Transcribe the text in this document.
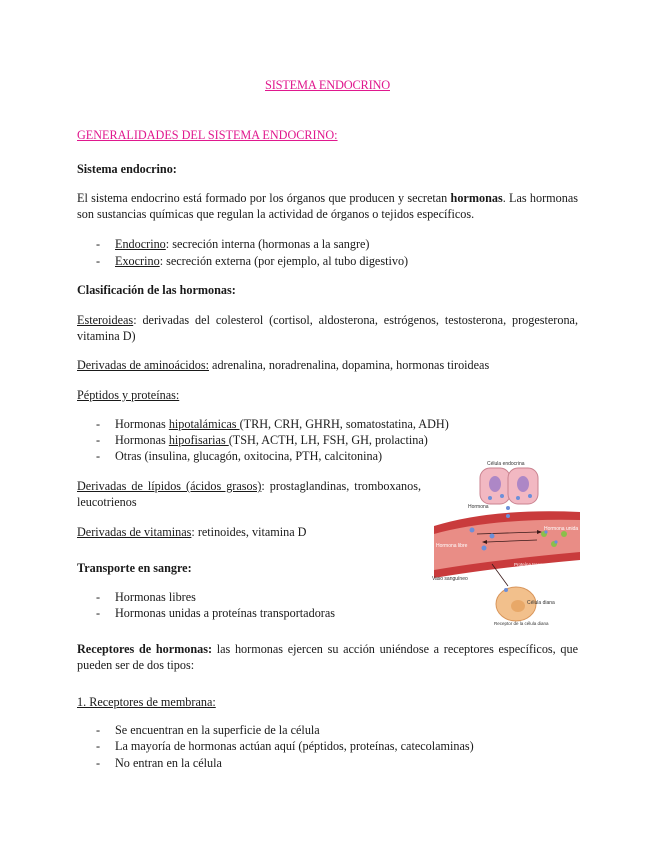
SISTEMA ENDOCRINO
GENERALIDADES DEL SISTEMA ENDOCRINO:
Sistema endocrino:
El sistema endocrino está formado por los órganos que producen y secretan hormonas. Las hormonas son sustancias químicas que regulan la actividad de órganos o tejidos específicos.
- Endocrino: secreción interna (hormonas a la sangre)
- Exocrino: secreción externa (por ejemplo, al tubo digestivo)
Clasificación de las hormonas:
Esteroideas: derivadas del colesterol (cortisol, aldosterona, estrógenos, testosterona, progesterona, vitamina D)
Derivadas de aminoácidos: adrenalina, noradrenalina, dopamina, hormonas tiroideas
Péptidos y proteínas:
- Hormonas hipotalámicas (TRH, CRH, GHRH, somatostatina, ADH)
- Hormonas hipofisarias (TSH, ACTH, LH, FSH, GH, prolactina)
- Otras (insulina, glucagón, oxitocina, PTH, calcitonina)
Derivadas de lípidos (ácidos grasos): prostaglandinas, tromboxanos, leucotrienos
Derivadas de vitaminas: retinoides, vitamina D
Transporte en sangre:
- Hormonas libres
- Hormonas unidas a proteínas transportadoras
Receptores de hormonas: las hormonas ejercen su acción uniéndose a receptores específicos, que pueden ser de dos tipos:
1. Receptores de membrana:
- Se encuentran en la superficie de la célula
- La mayoría de hormonas actúan aquí (péptidos, proteínas, catecolaminas)
- No entran en la célula
Célula endocrina
Hormona
Hormona libre
Hormona unida
Proteína transportadora
Vaso sanguíneo
Célula diana
Receptor de la célula diana
